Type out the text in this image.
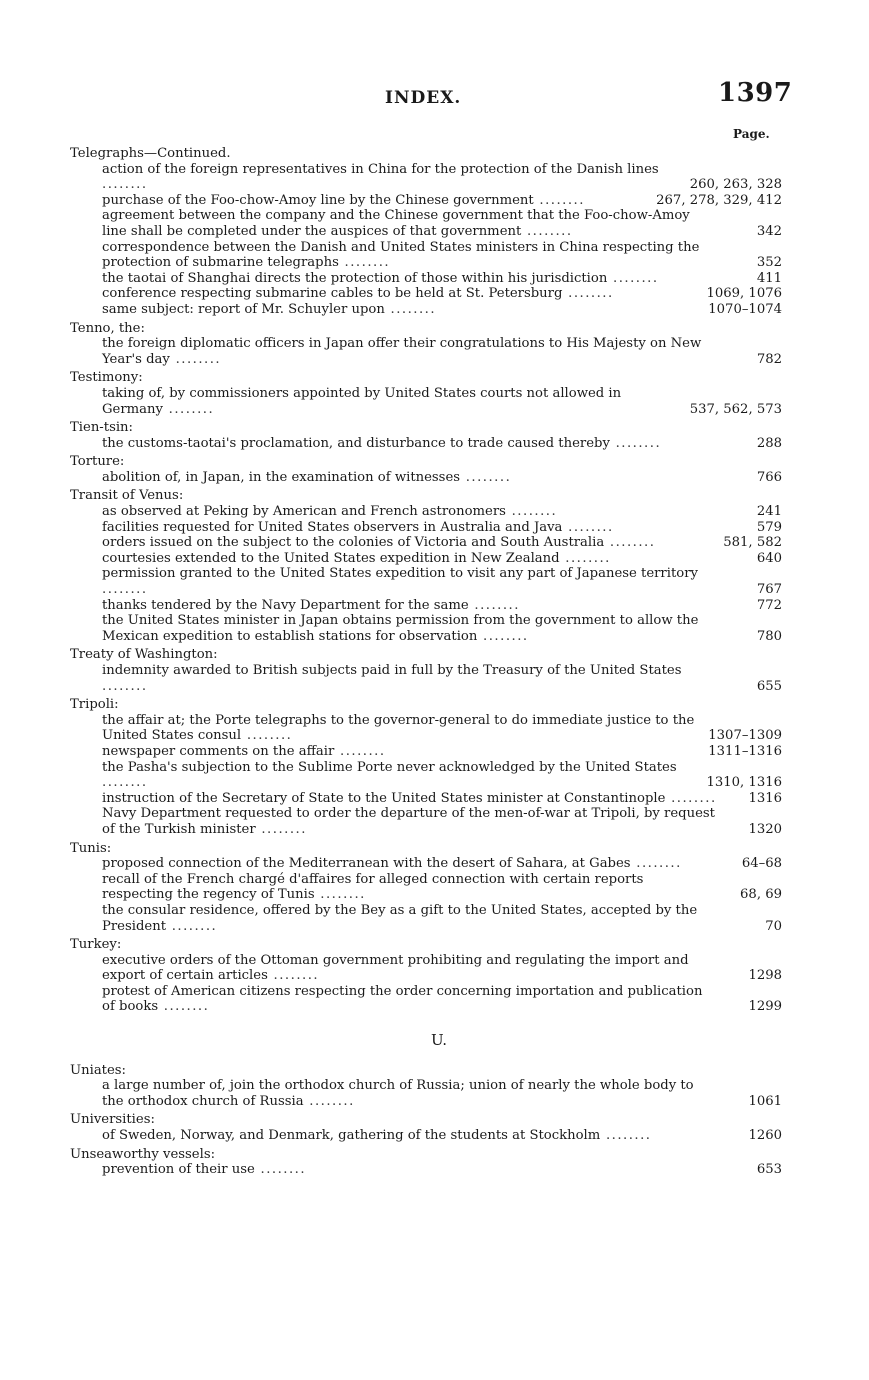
INDEX.	1397
Page.
Telegraphs—Continued.
action of the foreign representatives in China for the protection of the Danish lines ........	260, 263, 328
purchase of the Foo-chow-Amoy line by the Chinese government ........	267, 278, 329, 412
agreement between the company and the Chinese government that the Foo-chow-Amoy line shall be completed under the auspices of that government ........	342
correspondence between the Danish and United States ministers in China respecting the protection of submarine telegraphs ........	352
the taotai of Shanghai directs the protection of those within his jurisdiction ........	411
conference respecting submarine cables to be held at St. Petersburg ........	1069, 1076
same subject: report of Mr. Schuyler upon ........	1070–1074
Tenno, the:
the foreign diplomatic officers in Japan offer their congratulations to His Majesty on New Year's day ........	782
Testimony:
taking of, by commissioners appointed by United States courts not allowed in Germany ........	537, 562, 573
Tien-tsin:
the customs-taotai's proclamation, and disturbance to trade caused thereby ........	288
Torture:
abolition of, in Japan, in the examination of witnesses ........	766
Transit of Venus:
as observed at Peking by American and French astronomers ........	241
facilities requested for United States observers in Australia and Java ........	579
orders issued on the subject to the colonies of Victoria and South Australia ........	581, 582
courtesies extended to the United States expedition in New Zealand ........	640
permission granted to the United States expedition to visit any part of Japanese territory ........	767
thanks tendered by the Navy Department for the same ........	772
the United States minister in Japan obtains permission from the government to allow the Mexican expedition to establish stations for observation ........	780
Treaty of Washington:
indemnity awarded to British subjects paid in full by the Treasury of the United States ........	655
Tripoli:
the affair at; the Porte telegraphs to the governor-general to do immediate justice to the United States consul ........	1307–1309
newspaper comments on the affair ........	1311–1316
the Pasha's subjection to the Sublime Porte never acknowledged by the United States ........	1310, 1316
instruction of the Secretary of State to the United States minister at Constantinople ........	1316
Navy Department requested to order the departure of the men-of-war at Tripoli, by request of the Turkish minister ........	1320
Tunis:
proposed connection of the Mediterranean with the desert of Sahara, at Gabes ........	64–68
recall of the French chargé d'affaires for alleged connection with certain reports respecting the regency of Tunis ........	68, 69
the consular residence, offered by the Bey as a gift to the United States, accepted by the President ........	70
Turkey:
executive orders of the Ottoman government prohibiting and regulating the import and export of certain articles ........	1298
protest of American citizens respecting the order concerning importation and publication of books ........	1299
U.
Uniates:
a large number of, join the orthodox church of Russia; union of nearly the whole body to the orthodox church of Russia ........	1061
Universities:
of Sweden, Norway, and Denmark, gathering of the students at Stockholm ........	1260
Unseaworthy vessels:
prevention of their use ........	653
